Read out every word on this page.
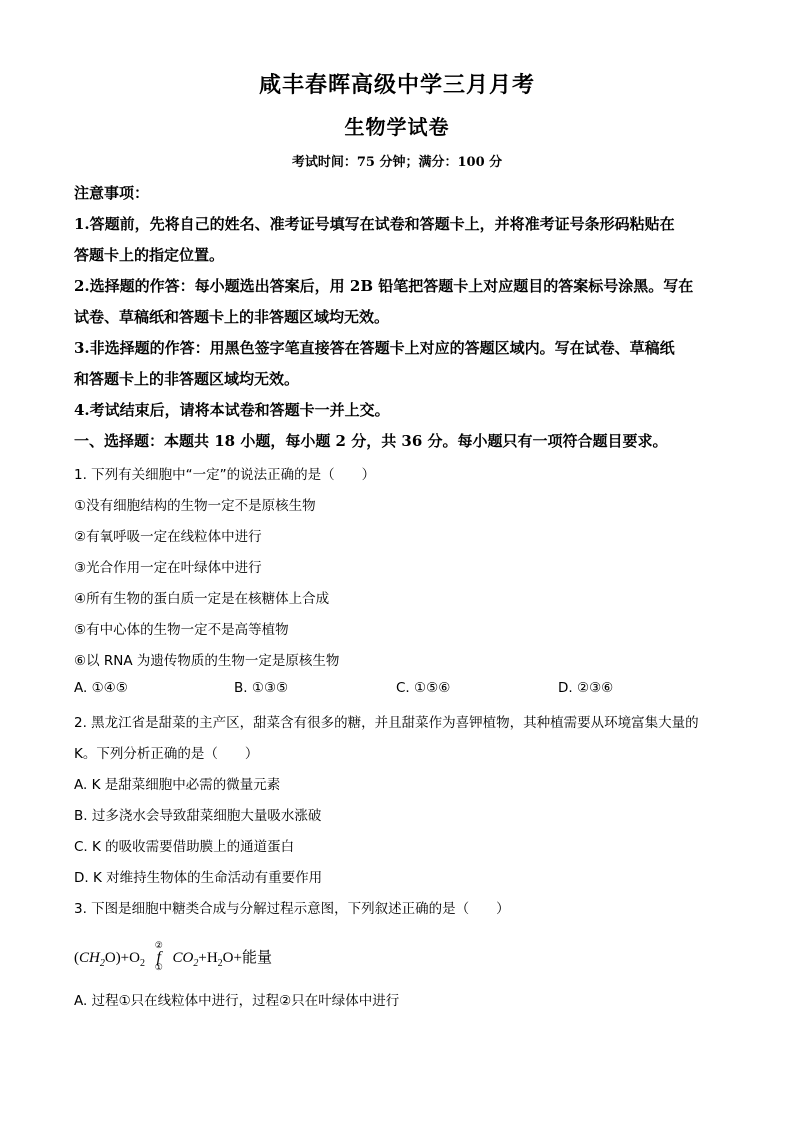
咸丰春晖高级中学三月月考
生物学试卷
考试时间：75 分钟；满分：100 分
注意事项：
1.答题前，先将自己的姓名、准考证号填写在试卷和答题卡上，并将准考证号条形码粘贴在
答题卡上的指定位置。
2.选择题的作答：每小题选出答案后，用 2B 铅笔把答题卡上对应题目的答案标号涂黑。写在
试卷、草稿纸和答题卡上的非答题区域均无效。
3.非选择题的作答：用黑色签字笔直接答在答题卡上对应的答题区域内。写在试卷、草稿纸
和答题卡上的非答题区域均无效。
4.考试结束后，请将本试卷和答题卡一并上交。
一、选择题：本题共 18 小题，每小题 2 分，共 36 分。每小题只有一项符合题目要求。
1. 下列有关细胞中“一定”的说法正确的是（　　）
①没有细胞结构的生物一定不是原核生物
②有氧呼吸一定在线粒体中进行
③光合作用一定在叶绿体中进行
④所有生物的蛋白质一定是在核糖体上合成
⑤有中心体的生物一定不是高等植物
⑥以 RNA 为遗传物质的生物一定是原核生物
A. ①④⑤	B. ①③⑤	C. ①⑤⑥	D. ②③⑥
2. 黑龙江省是甜菜的主产区，甜菜含有很多的糖，并且甜菜作为喜钾植物，其种植需要从环境富集大量的
K。下列分析正确的是（　　）
A. K 是甜菜细胞中必需的微量元素
B. 过多浇水会导致甜菜细胞大量吸水涨破
C. K 的吸收需要借助膜上的通道蛋白
D. K 对维持生物体的生命活动有重要作用
3. 下图是细胞中糖类合成与分解过程示意图，下列叙述正确的是（　　）
$(CH_2O)+O_2$
②
f
①
$CO_2+H_2O+$能量
A. 过程①只在线粒体中进行，过程②只在叶绿体中进行
